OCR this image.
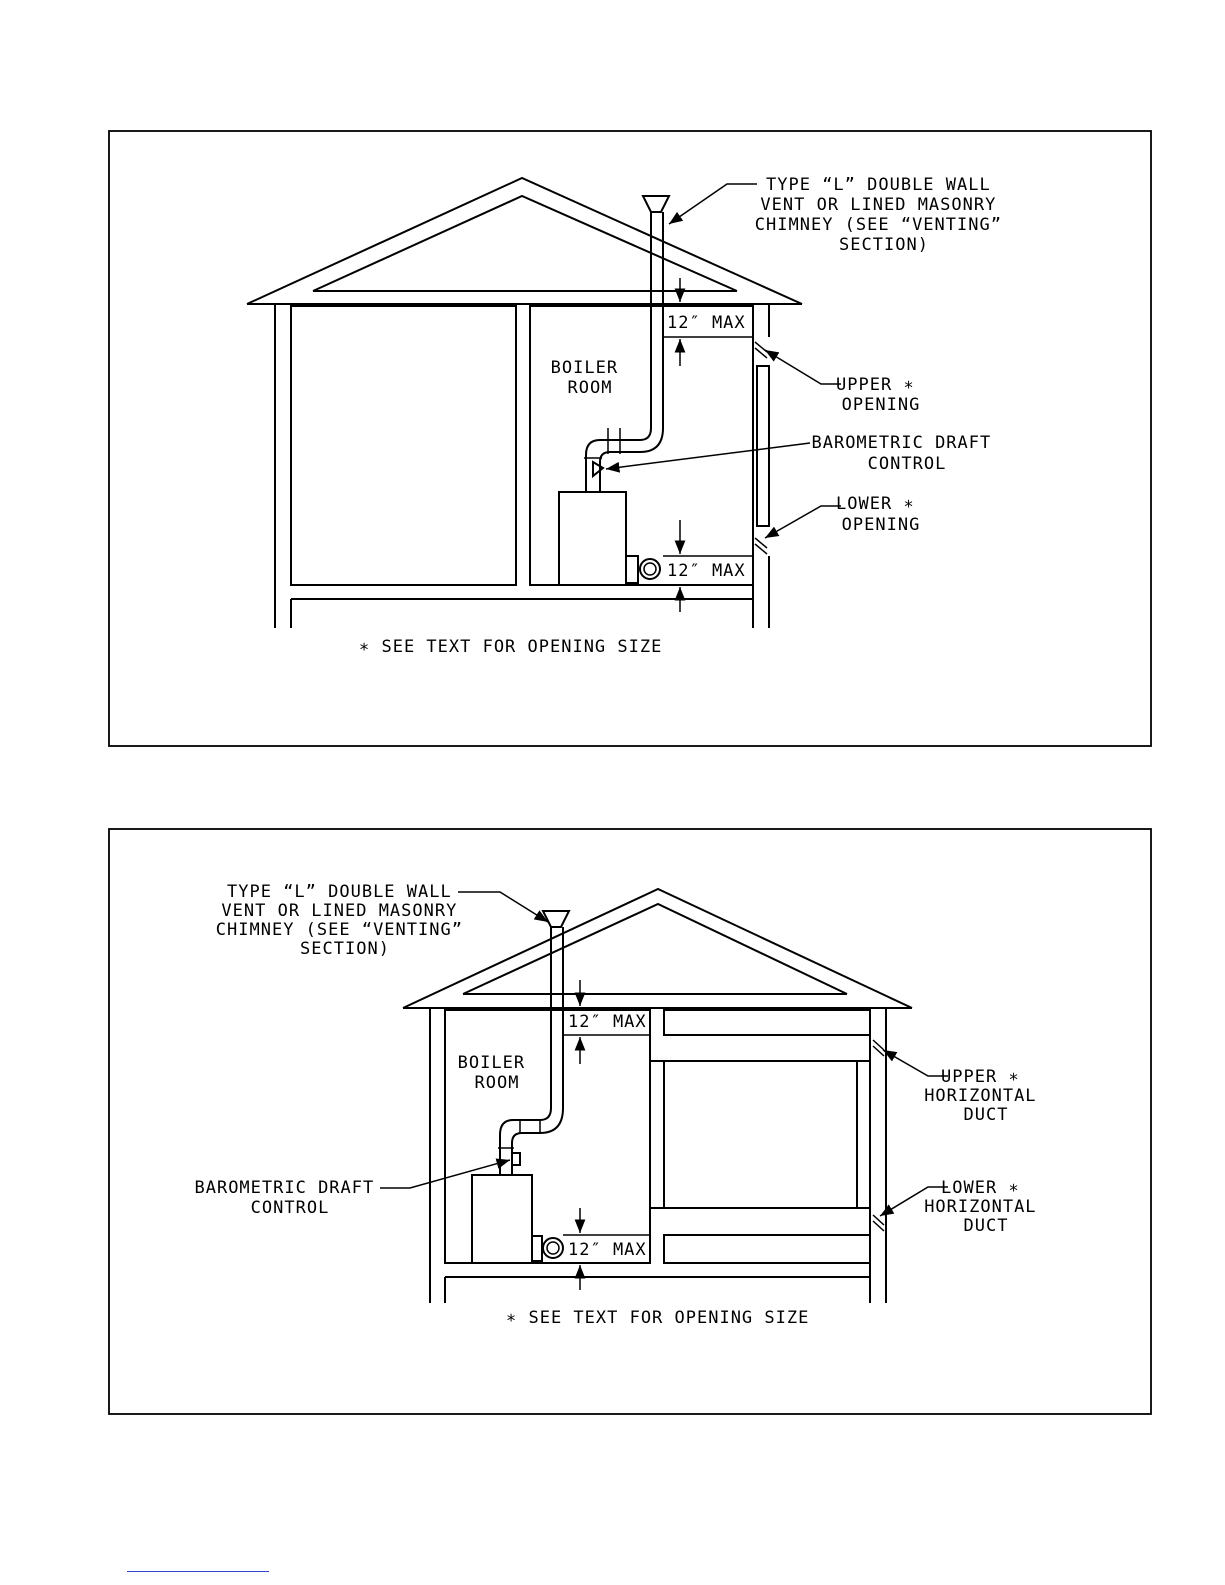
12″ MAX
12″ MAX
TYPE “L” DOUBLE WALL VENT OR LINED MASONRY CHIMNEY (SEE “VENTING” SECTION)
BOILER ROOM	UPPER ∗ OPENING
BAROMETRIC DRAFT CONTROL
LOWER ∗ OPENING
∗ SEE TEXT FOR OPENING SIZE
12″ MAX
12″ MAX
TYPE “L” DOUBLE WALL VENT OR LINED MASONRY CHIMNEY (SEE “VENTING” SECTION)
BOILER ROOM	UPPER ∗ HORIZONTAL DUCT
BAROMETRIC DRAFT CONTROL
LOWER ∗ HORIZONTAL DUCT
∗ SEE TEXT FOR OPENING SIZE
